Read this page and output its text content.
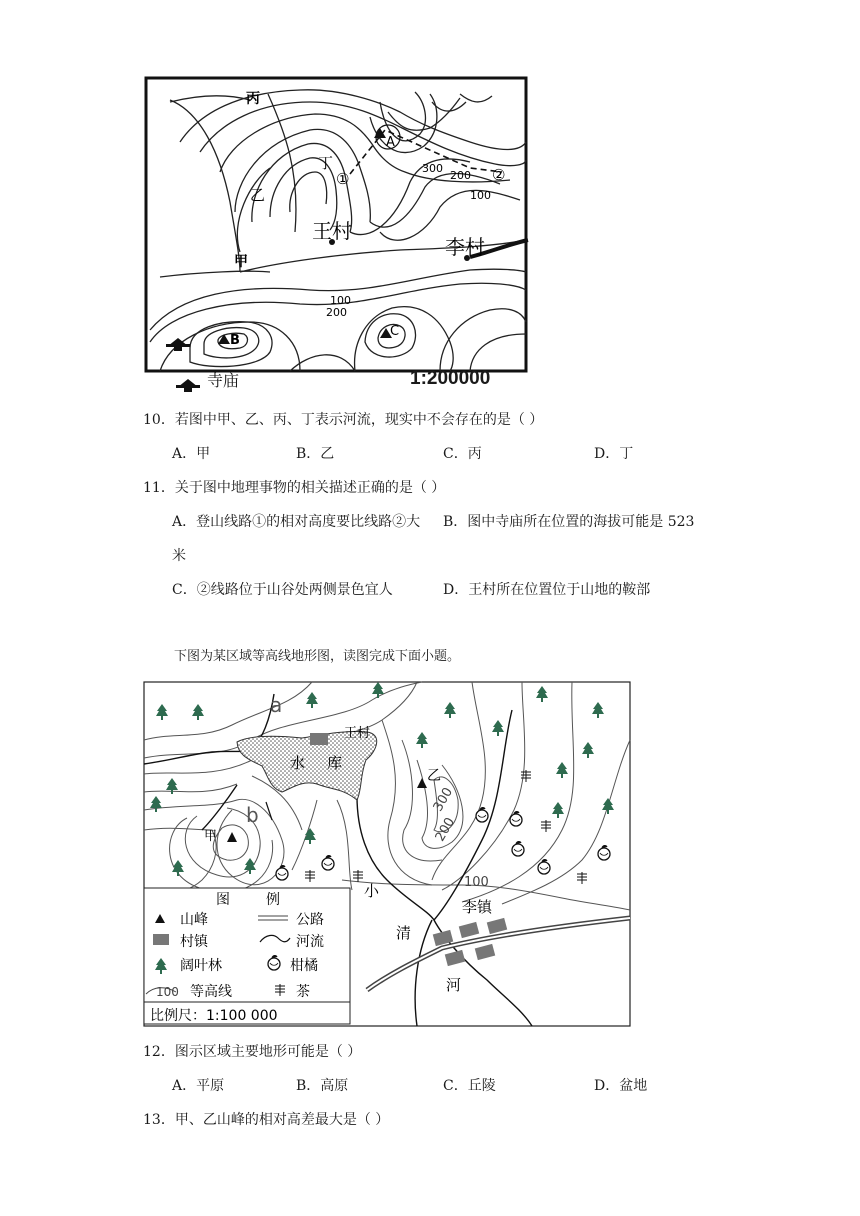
丙
丁
乙
甲
A
B
C
①	②
300
200
100
100
200
王村
李村
寺庙	1:200000
10．若图中甲、乙、丙、丁表示河流，现实中不会存在的是（ ）
A．甲	B．乙	C．丙	D．丁
11．关于图中地理事物的相关描述正确的是（ ）
A．登山线路①的相对高度要比线路②大 B．图中寺庙所在位置的海拔可能是 523
米
C．②线路位于山谷处两侧景色宜人	D．王村所在位置位于山地的鞍部
下图为某区域等高线地形图，读图完成下面小题。
a
b
甲
乙
王村
水 库
300
200
100
小
清
河
李镇
图	例
山峰	公路
村镇	河流
阔叶林	柑橘
100 等高线	茶
比例尺：1:100 000
12．图示区域主要地形可能是（ ）
A．平原	B．高原	C．丘陵	D．盆地
13．甲、乙山峰的相对高差最大是（ ）
